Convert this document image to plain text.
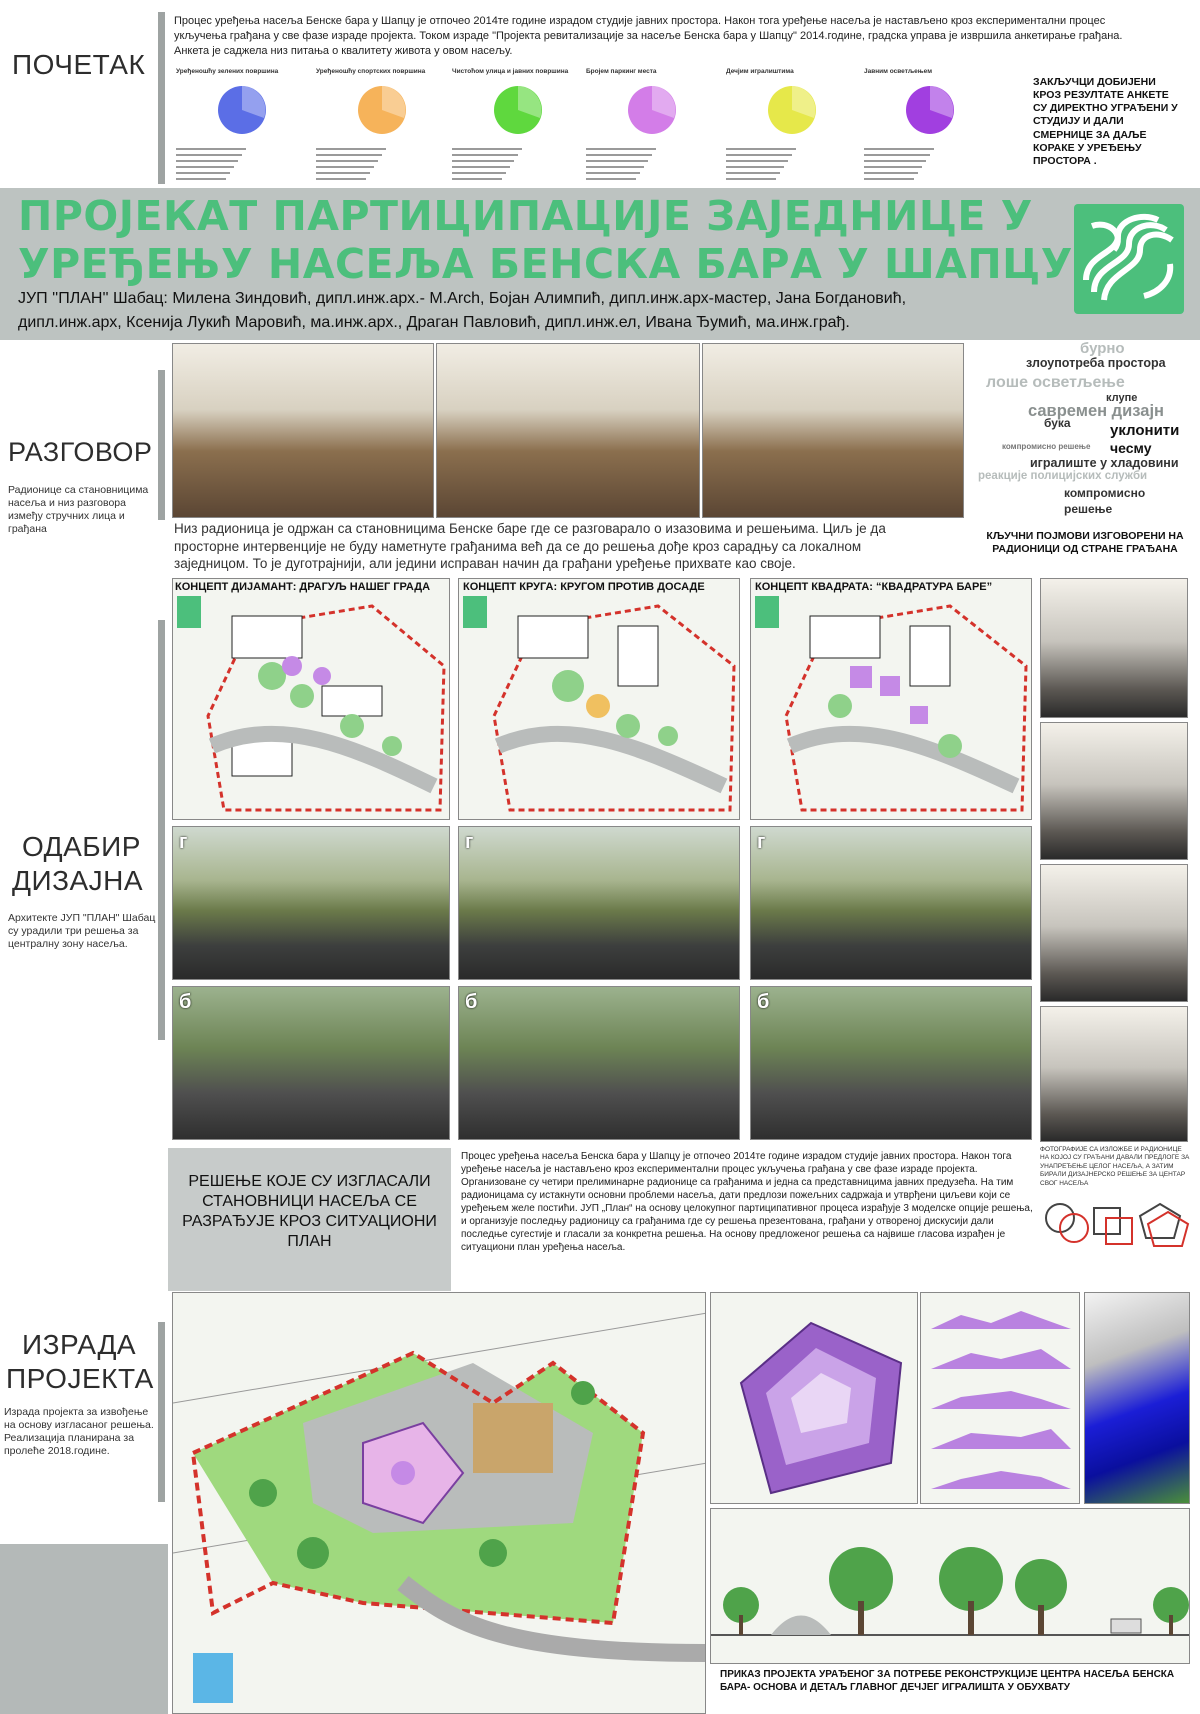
ПОЧЕТАК
Процес уређења насеља Бенске бара у Шапцу је отпочео 2014те године израдом студије јавних простора. Након тога уређење насеља је настављено кроз експериментални процес укључења грађана у све фазе израде пројекта. Током израде "Пројекта ревитализације за насеље Бенска бара у Шапцу" 2014.године, градска управа је извршила анкетирање грађана. Анкета је саджела низ питања о квалитету живота у овом насељу.
Уређеношћу зелених површина	Уређеношћу спортских површина	Чистоћом улица и јавних површина	Бројем паркинг места	Дечјим игралиштима	Јавним осветљењем
ЗАКЉУЧЦИ ДОБИЈЕНИ КРОЗ РЕЗУЛТАТЕ АНКЕТЕ СУ ДИРЕКТНО УГРАЂЕНИ У СТУДИЈУ И ДАЛИ СМЕРНИЦЕ ЗА ДАЉЕ КОРАКЕ У УРЕЂЕЊУ ПРОСТОРА .
ПРОЈЕКАТ ПАРТИЦИПАЦИЈЕ ЗАЈЕДНИЦЕ У
УРЕЂЕЊУ НАСЕЉА БЕНСКА БАРА У ШАПЦУ
ЈУП ''ПЛАН'' Шабац: Милена Зиндовић, дипл.инж.арх.- M.Arch, Бојан Алимпић, дипл.инж.арх-мастер, Јана Богдановић,
дипл.инж.арх, Ксенија Лукић Маровић, ма.инж.арх., Драган Павловић, дипл.инж.ел, Ивана Ђумић, ма.инж.грађ.
РАЗГОВОР
Радионице са становницима насеља и низ разговора између стручних лица и грађана	Низ радионица је одржан са становницима Бенске баре где се разговарало о изазовима и решењима. Циљ је да просторне интервенције не буду наметнуте грађанима већ да се до решења дође кроз сарадњу са локалном заједницом. То је дуготрајнији, али једини исправан начин да грађани уређење прихвате као своје.
бурно
злоупотреба простора
лоше осветљење
клупе
савремен дизајн
бука	уклонити
компромисно решење чесму
игралиште у хладовини
реакције полицијских служби
компромисно
решење
КЉУЧНИ ПОЈМОВИ ИЗГОВОРЕНИ НА РАДИОНИЦИ ОД СТРАНЕ ГРАЂАНА
ОДАБИР
ДИЗАЈНА
Архитекте ЈУП "ПЛАН" Шабац су урадили три решења за централну зону насеља.
КОНЦЕПТ ДИЈАМАНТ: ДРАГУЉ НАШЕГ ГРАДА	КОНЦЕПТ КРУГА: КРУГОМ ПРОТИВ ДОСАДЕ	КОНЦЕПТ КВАДРАТА: “КВАДРАТУРА БАРЕ”
г	г	г
б	б	б
ФОТОГРАФИЈЕ СА ИЗЛОЖБЕ И РАДИОНИЦЕ НА КОЈОЈ СУ ГРАЂАНИ ДАВАЛИ ПРЕДЛОГЕ ЗА УНАПРЕЂЕЊЕ ЦЕЛОГ НАСЕЉА, А ЗАТИМ БИРАЛИ ДИЗАЈНЕРСКО РЕШЕЊЕ ЗА ЦЕНТАР СВОГ НАСЕЉА
РЕШЕЊЕ КОЈЕ СУ ИЗГЛАСАЛИ СТАНОВНИЦИ НАСЕЉА СЕ РАЗРАЂУЈЕ КРОЗ СИТУАЦИОНИ ПЛАН
Процес уређења насеља Бенска бара у Шапцу је отпочео 2014те године израдом студије јавних простора. Након тога уређење насеља је настављено кроз експериментални процес укључења грађана у све фазе израде пројекта. Организоване су четири прелиминарне радионице са грађанима и једна са представницима јавних предузећа. На тим радионицама су истакнути основни проблеми насеља, дати предлози пожељних садржаја и утврђени циљеви који се уређењем желе постићи. ЈУП „План“ на основу целокупног партиципативног процеса израђује 3 моделске опције решења, и организује последњу радионицу са грађанима где су решења презентована, грађани у отвореној дискусији дали последње сугестије и гласали за конкретна решења. На основу предложеног решења са највише гласова израђен је ситуациони план уређења насеља.
ИЗРАДА
ПРОЈЕКТА
Израда пројекта за извођење на основу изгласаног решења. Реализација планирана за пролеће 2018.године.
ПРИКАЗ ПРОЈЕКТА УРАЂЕНОГ ЗА ПОТРЕБЕ РЕКОНСТРУКЦИЈЕ ЦЕНТРА НАСЕЉА БЕНСКА БАРА- ОСНОВА И ДЕТАЉ ГЛАВНОГ ДЕЧЈЕГ ИГРАЛИШТА У ОБУХВАТУ
